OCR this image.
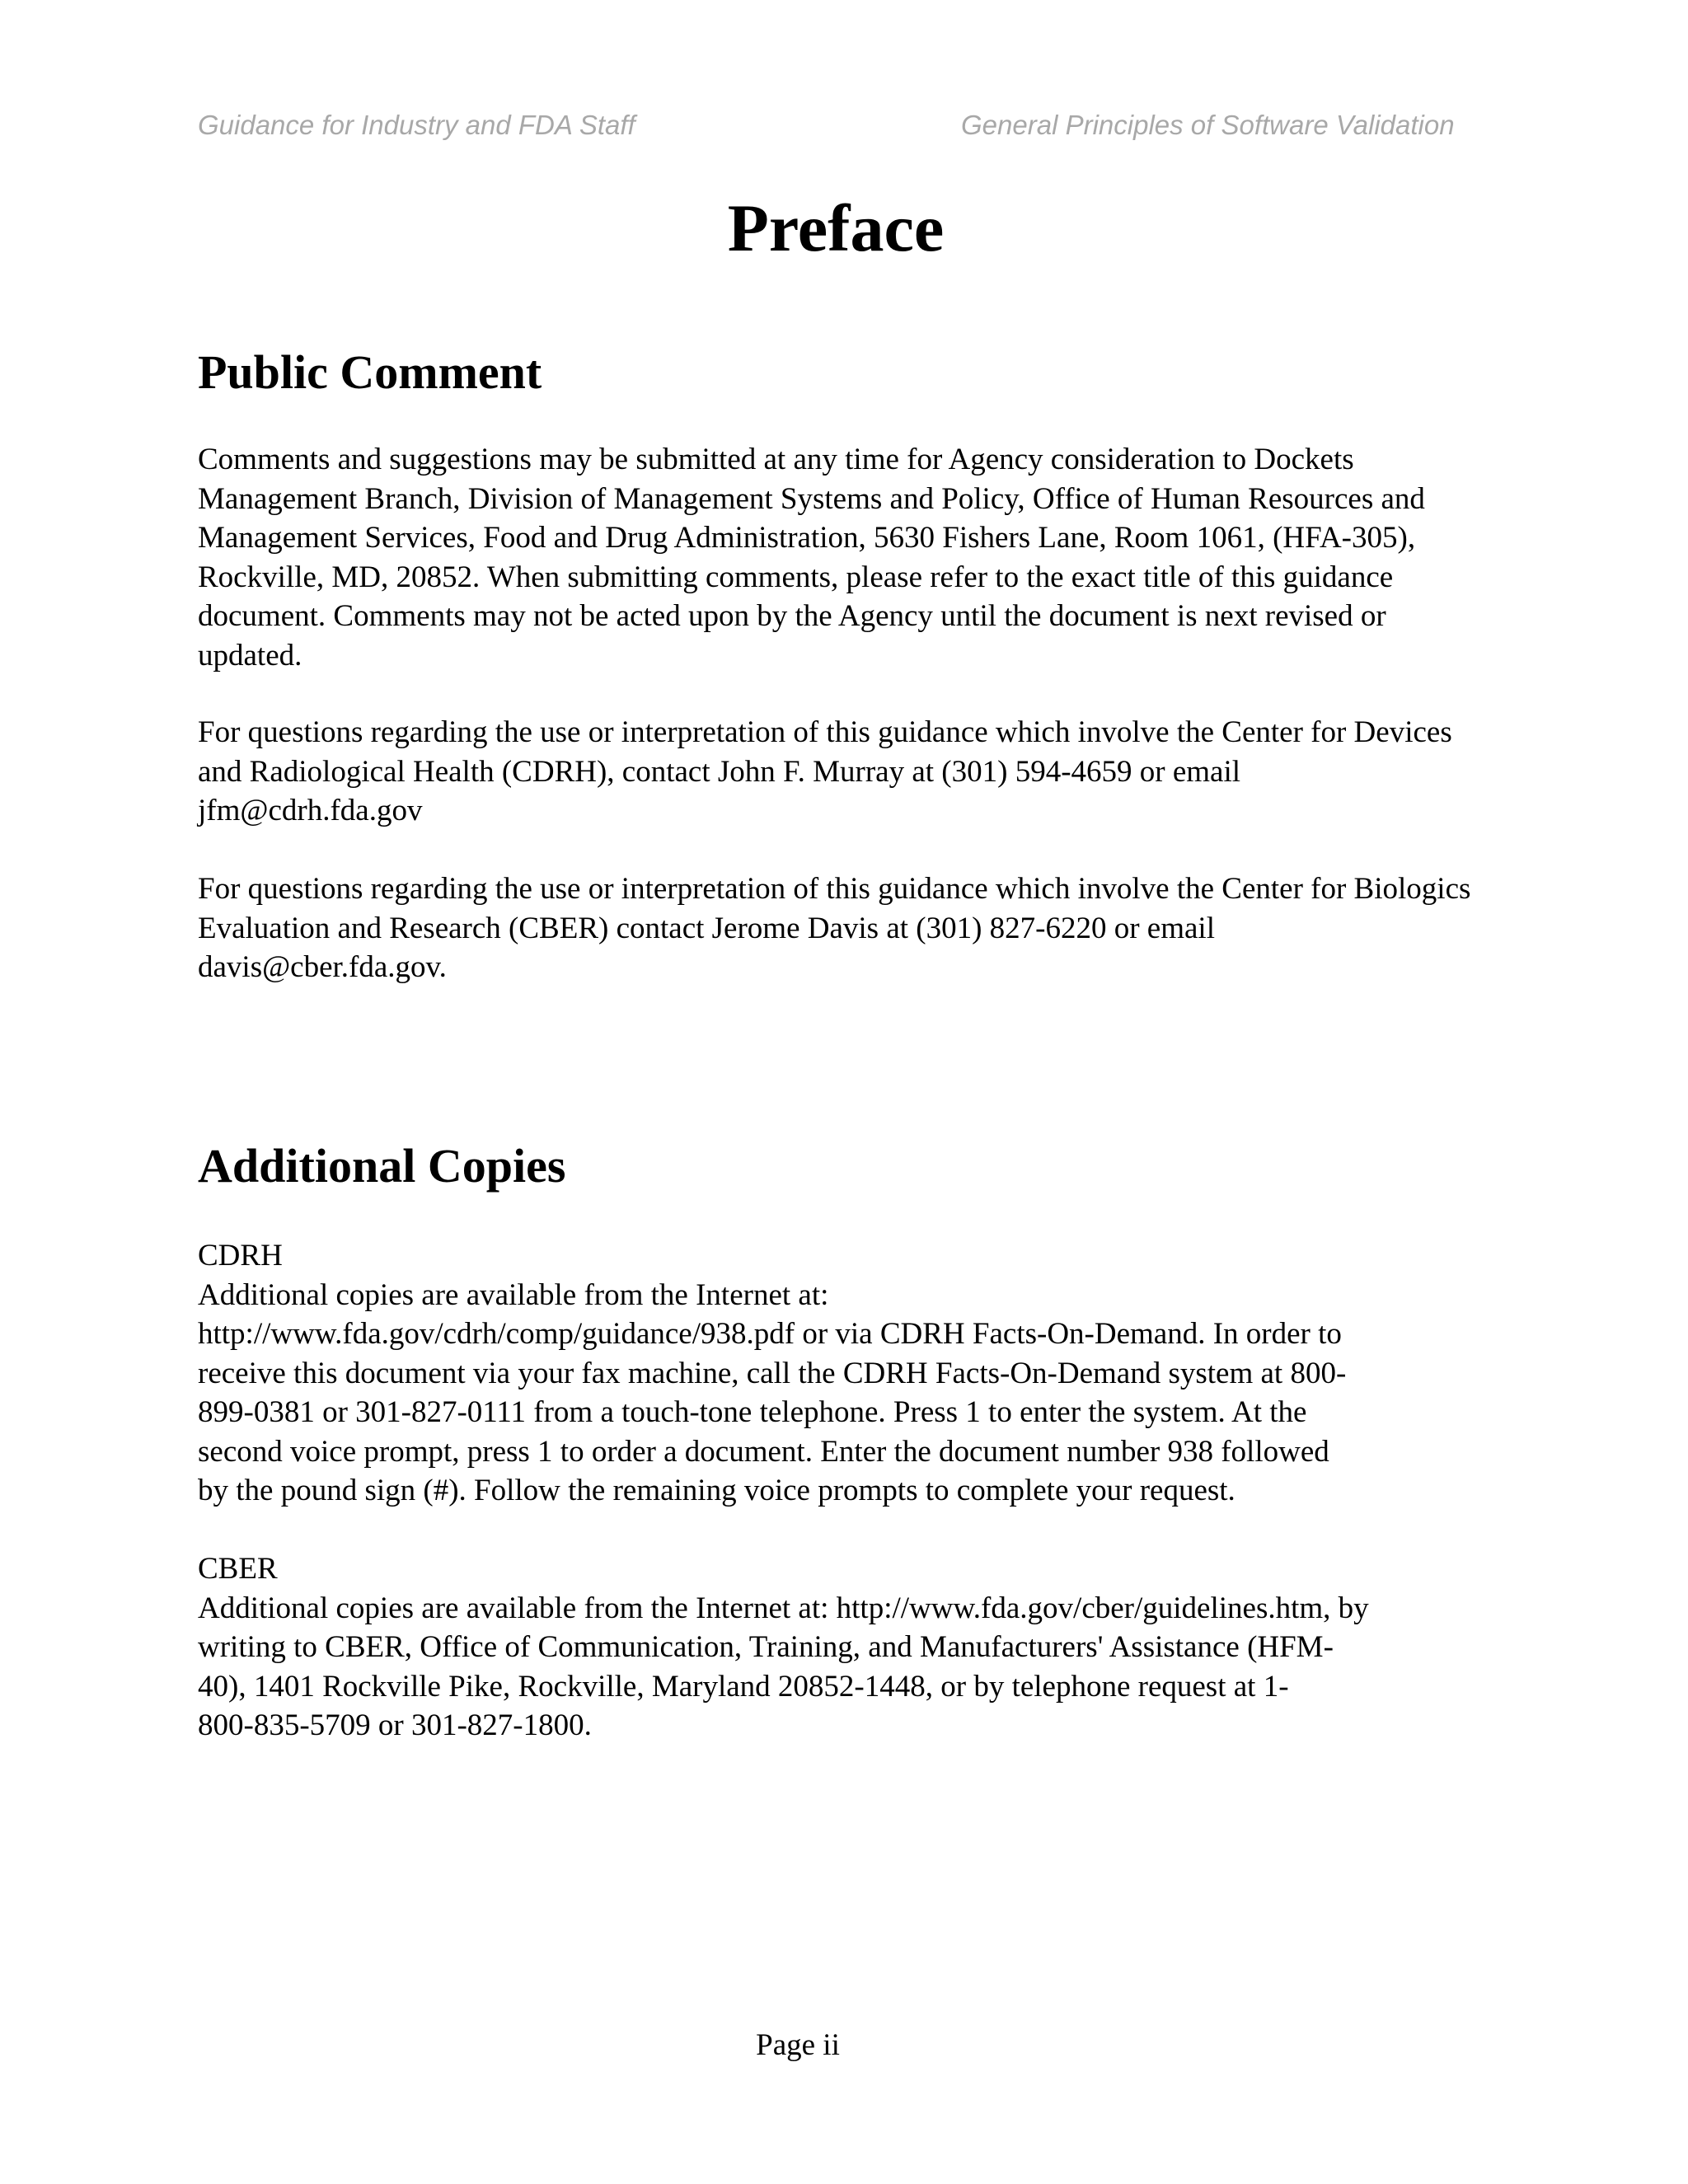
Guidance for Industry and FDA Staff	General Principles of Software Validation
Preface
Public Comment

Comments and suggestions may be submitted at any time for Agency consideration to Dockets
Management Branch, Division of Management Systems and Policy, Office of Human Resources and
Management Services, Food and Drug Administration, 5630 Fishers Lane, Room 1061, (HFA-305),
Rockville, MD, 20852. When submitting comments, please refer to the exact title of this guidance
document. Comments may not be acted upon by the Agency until the document is next revised or
updated.

For questions regarding the use or interpretation of this guidance which involve the Center for Devices
and Radiological Health (CDRH), contact John F. Murray at (301) 594-4659 or email
jfm@cdrh.fda.gov

For questions regarding the use or interpretation of this guidance which involve the Center for Biologics
Evaluation and Research (CBER) contact Jerome Davis at (301) 827-6220 or email
davis@cber.fda.gov.

Additional Copies

CDRH
Additional copies are available from the Internet at:
http://www.fda.gov/cdrh/comp/guidance/938.pdf or via CDRH Facts-On-Demand. In order to
receive this document via your fax machine, call the CDRH Facts-On-Demand system at 800-
899-0381 or 301-827-0111 from a touch-tone telephone. Press 1 to enter the system. At the
second voice prompt, press 1 to order a document. Enter the document number 938 followed
by the pound sign (#). Follow the remaining voice prompts to complete your request.

CBER
Additional copies are available from the Internet at: http://www.fda.gov/cber/guidelines.htm, by
writing to CBER, Office of Communication, Training, and Manufacturers' Assistance (HFM-
40), 1401 Rockville Pike, Rockville, Maryland 20852-1448, or by telephone request at 1-
800-835-5709 or 301-827-1800.

Page ii
